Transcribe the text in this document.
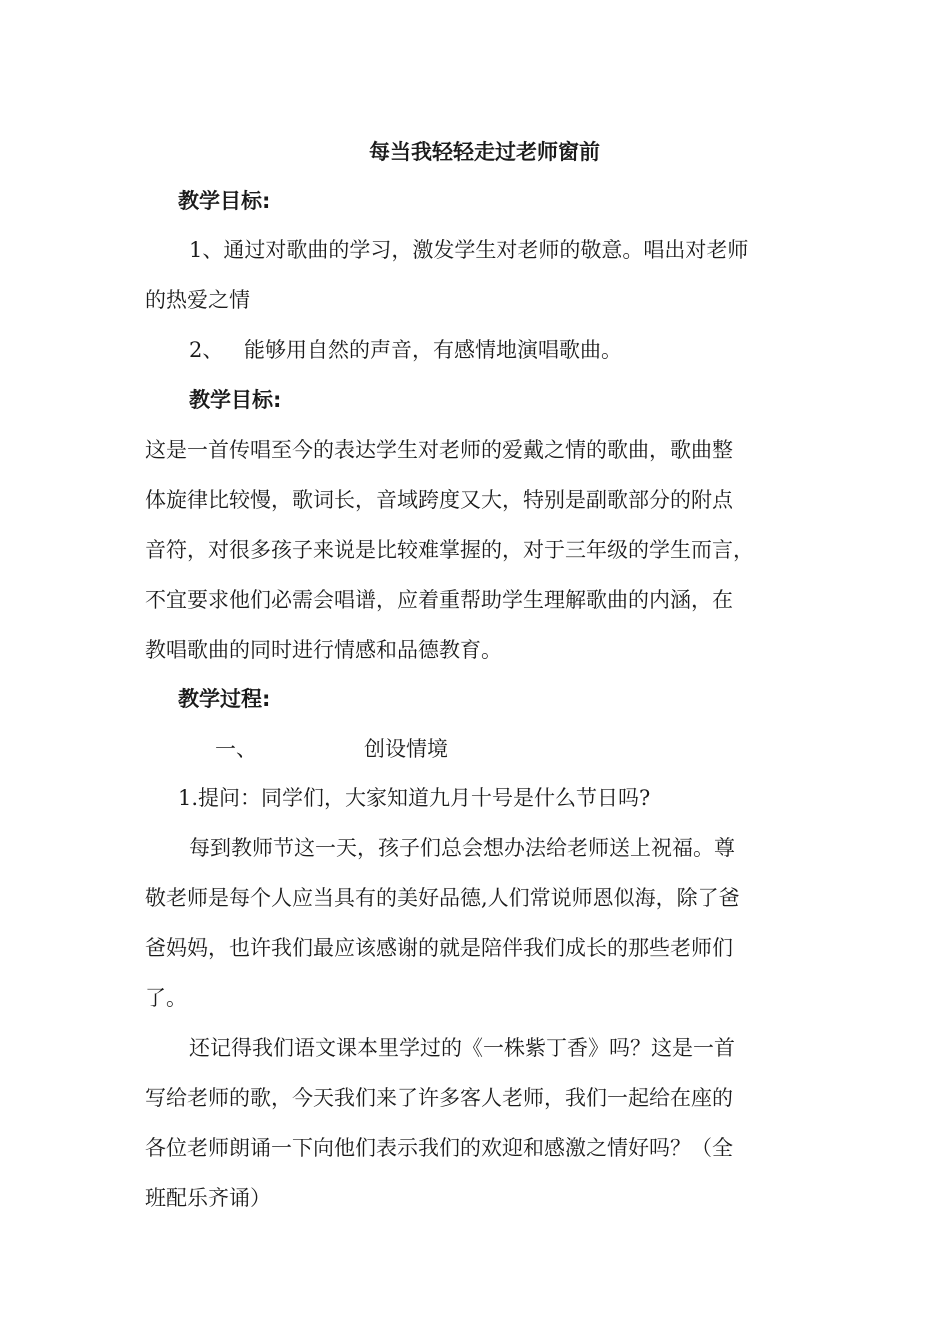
每当我轻轻走过老师窗前
教学目标:
1、通过对歌曲的学习，激发学生对老师的敬意。唱出对老师
的热爱之情
2、 能够用自然的声音，有感情地演唱歌曲。
教学目标:
这是一首传唱至今的表达学生对老师的爱戴之情的歌曲，歌曲整
体旋律比较慢，歌词长，音域跨度又大，特别是副歌部分的附点
音符，对很多孩子来说是比较难掌握的，对于三年级的学生而言，
不宜要求他们必需会唱谱，应着重帮助学生理解歌曲的内涵，在
教唱歌曲的同时进行情感和品德教育。
教学过程:
一、	创设情境
1.提问：同学们，大家知道九月十号是什么节日吗?
每到教师节这一天，孩子们总会想办法给老师送上祝福。尊
敬老师是每个人应当具有的美好品德,人们常说师恩似海，除了爸
爸妈妈，也许我们最应该感谢的就是陪伴我们成长的那些老师们
了。
还记得我们语文课本里学过的《一株紫丁香》吗？这是一首
写给老师的歌，今天我们来了许多客人老师，我们一起给在座的
各位老师朗诵一下向他们表示我们的欢迎和感激之情好吗？（全
班配乐齐诵）
